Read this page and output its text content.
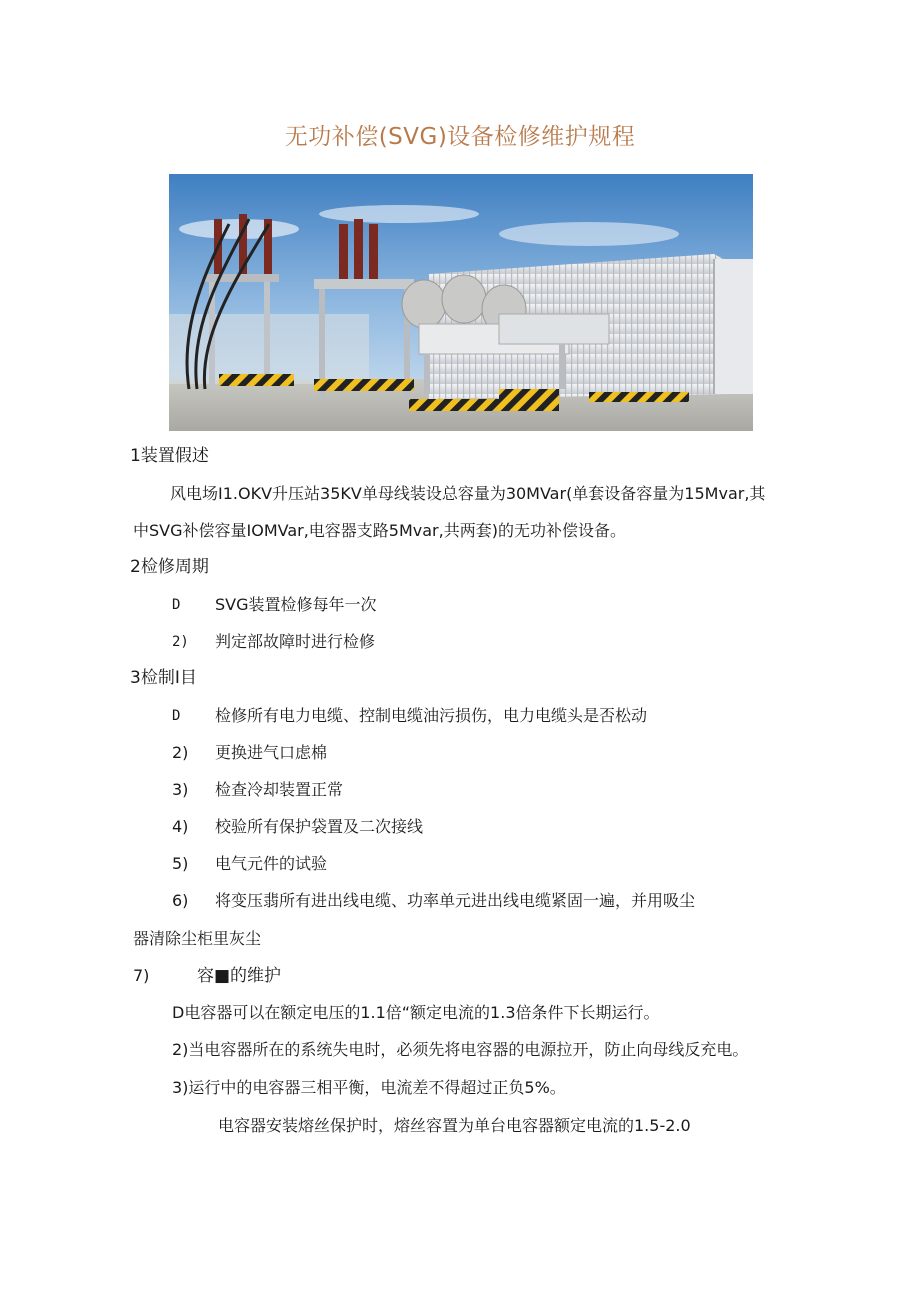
无功补偿(SVG)设备检修维护规程
1装置假述
风电场I1.OKV升压站35KV单母线装设总容量为30MVar(单套设备容量为15Mvar,其
中SVG补偿容量IOMVar,电容器支路5Mvar,共两套)的无功补偿设备。
2检修周期
D SVG装置检修每年一次
2) 判定部故障时进行检修
3检制I目
D 检修所有电力电缆、控制电缆油污损伤，电力电缆头是否松动
2) 更换进气口虑棉
3) 检查冷却装置正常
4) 校验所有保护袋置及二次接线
5) 电气元件的试验
6) 将变压翡所有进出线电缆、功率单元进出线电缆紧固一遍，并用吸尘
器清除尘柜里灰尘
7)	容■的维护
D电容器可以在额定电压的1.1倍“额定电流的1.3倍条件下长期运行。
2)当电容器所在的系统失电时，必须先将电容器的电源拉开，防止向母线反充电。
3)运行中的电容器三相平衡，电流差不得超过正负5%。
电容器安装熔丝保护时，熔丝容置为单台电容器额定电流的1.5-2.0
